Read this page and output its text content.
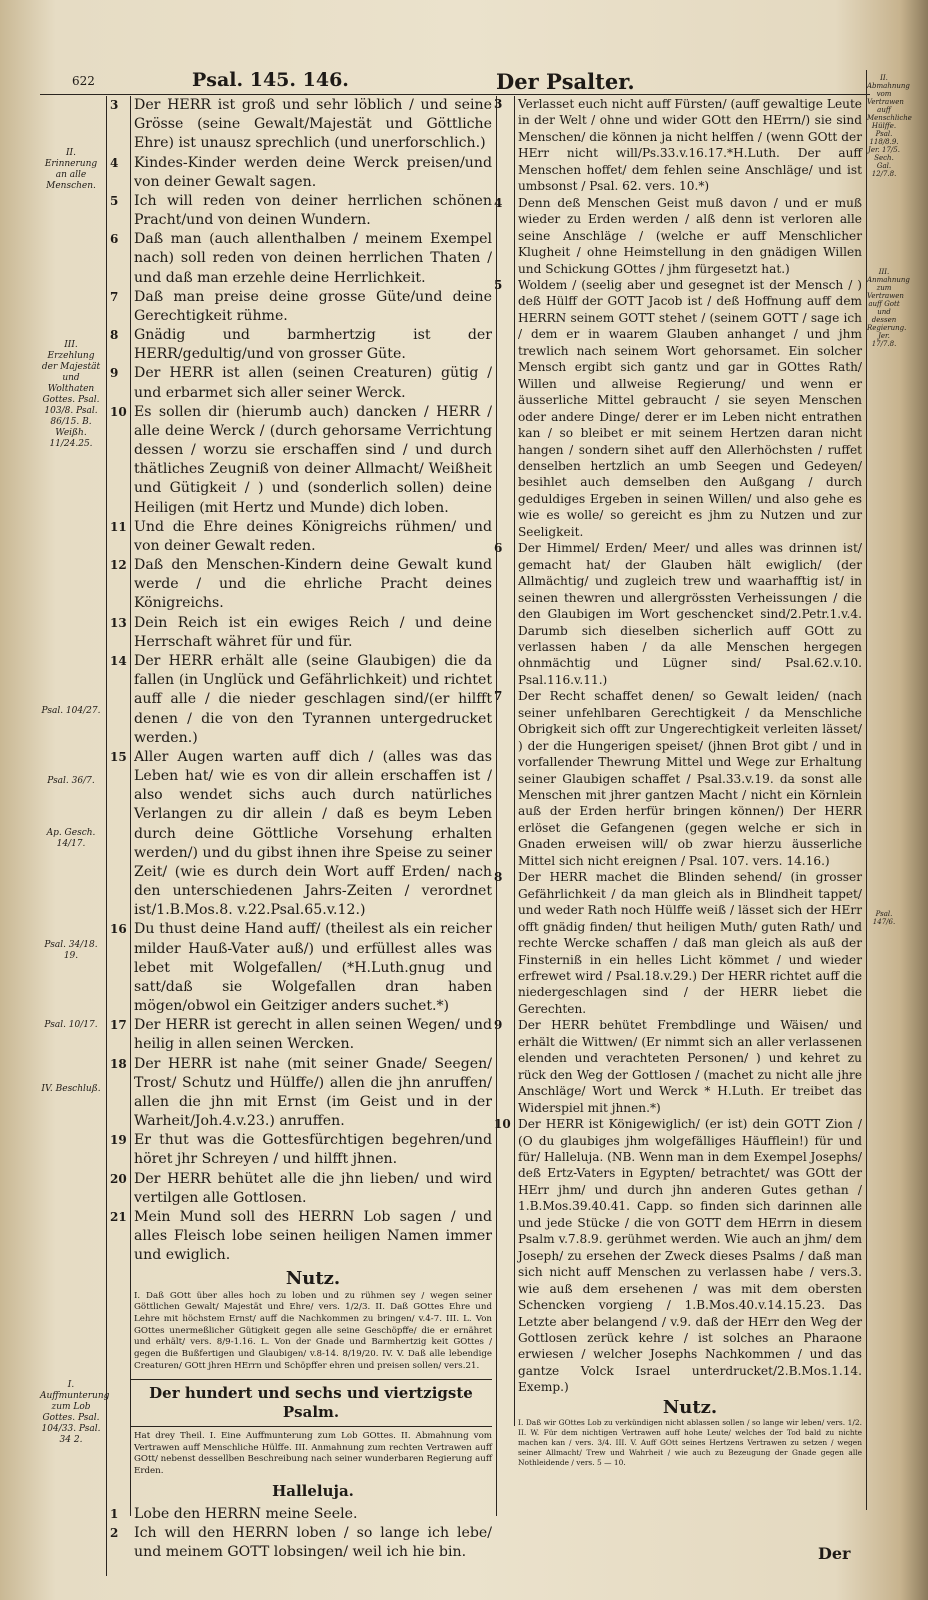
622	Psal. 145. 146.	Der Psalter.
II. Erinnerung an alle Menschen.
III. Erzehlung der Majestät und Wolthaten Gottes. Psal. 103/8. Psal. 86/15. B. Weißh. 11/24.25.
Psal. 104/27.
Psal. 36/7.
Ap. Gesch. 14/17.
Psal. 34/18. 19.
Psal. 10/17.
IV. Beschluß.
I. Auffmunterung zum Lob Gottes. Psal. 104/33. Psal. 34 2.
II. Abmahnung vom Vertrawen auff Menschliche Hülffe. Psal. 118/8.9. Jer. 17/5. Sech. Gal. 12/7.8.
III. Anmahnung zum Vertrawen auff Gott und dessen Regierung. Jer. 17/7.8.
Psal. 147/6.
3 Der HERR ist groß und sehr löblich / und seine Grösse (seine Gewalt/Majestät und Göttliche Ehre) ist unausz sprechlich (und unerforschlich.)
4 Kindes-Kinder werden deine Werck preisen/und von deiner Gewalt sagen.
5 Ich will reden von deiner herrlichen schönen Pracht/und von deinen Wundern.
6 Daß man (auch allenthalben / meinem Exempel nach) soll reden von deinen herrlichen Thaten / und daß man erzehle deine Herrlichkeit.
7 Daß man preise deine grosse Güte/und deine Gerechtigkeit rühme.
8 Gnädig und barmhertzig ist der HERR/gedultig/und von grosser Güte.
9 Der HERR ist allen (seinen Creaturen) gütig / und erbarmet sich aller seiner Werck.
10 Es sollen dir (hierumb auch) dancken / HERR / alle deine Werck / (durch gehorsame Verrichtung dessen / worzu sie erschaffen sind / und durch thätliches Zeugniß von deiner Allmacht/ Weißheit und Gütigkeit / ) und (sonderlich sollen) deine Heiligen (mit Hertz und Munde) dich loben.
11 Und die Ehre deines Königreichs rühmen/ und von deiner Gewalt reden.
12 Daß den Menschen-Kindern deine Gewalt kund werde / und die ehrliche Pracht deines Königreichs.
13 Dein Reich ist ein ewiges Reich / und deine Herrschaft währet für und für.
14 Der HERR erhält alle (seine Glaubigen) die da fallen (in Unglück und Gefährlichkeit) und richtet auff alle / die nieder geschlagen sind/(er hilfft denen / die von den Tyrannen untergedrucket werden.)
15 Aller Augen warten auff dich / (alles was das Leben hat/ wie es von dir allein erschaffen ist / also wendet sichs auch durch natürliches Verlangen zu dir allein / daß es beym Leben durch deine Göttliche Vorsehung erhalten werden/) und du gibst ihnen ihre Speise zu seiner Zeit/ (wie es durch dein Wort auff Erden/ nach den unterschiedenen Jahrs-Zeiten / verordnet ist/1.B.Mos.8. v.22.Psal.65.v.12.)
16 Du thust deine Hand auff/ (theilest als ein reicher milder Hauß-Vater auß/) und erfüllest alles was lebet mit Wolgefallen/ (*H.Luth.gnug und satt/daß sie Wolgefallen dran haben mögen/obwol ein Geitziger anders suchet.*)
17 Der HERR ist gerecht in allen seinen Wegen/ und heilig in allen seinen Wercken.
18 Der HERR ist nahe (mit seiner Gnade/ Seegen/ Trost/ Schutz und Hülffe/) allen die jhn anruffen/ allen die jhn mit Ernst (im Geist und in der Warheit/Joh.4.v.23.) anruffen.
19 Er thut was die Gottesfürchtigen begehren/und höret jhr Schreyen / und hilfft jhnen.
20 Der HERR behütet alle die jhn lieben/ und wird vertilgen alle Gottlosen.
21 Mein Mund soll des HERRN Lob sagen / und alles Fleisch lobe seinen heiligen Namen immer und ewiglich.
Nutz.
I. Daß GOtt über alles hoch zu loben und zu rühmen sey / wegen seiner Göttlichen Gewalt/ Majestät und Ehre/ vers. 1/2/3. II. Daß GOttes Ehre und Lehre mit höchstem Ernst/ auff die Nachkommen zu bringen/ v.4-7. III. L. Von GOttes unermeßlicher Gütigkeit gegen alle seine Geschöpffe/ die er ernähret und erhält/ vers. 8/9-1.16. L. Von der Gnade und Barmhertzig keit GOttes / gegen die Bußfertigen und Glaubigen/ v.8-14. 8/19/20. IV. V. Daß alle lebendige Creaturen/ GOtt jhren HErrn und Schöpffer ehren und preisen sollen/ vers.21.
Der hundert und sechs und viertzigste Psalm.
Hat drey Theil. I. Eine Auffmunterung zum Lob GOttes. II. Abmahnung vom Vertrawen auff Menschliche Hülffe. III. Anmahnung zum rechten Vertrawen auff GOtt/ nebenst dessellben Beschreibung nach seiner wunderbaren Regierung auff Erden.
Halleluja.
1 Lobe den HERRN meine Seele.
2 Ich will den HERRN loben / so lange ich lebe/ und meinem GOTT lobsingen/ weil ich hie bin.
3 Verlasset euch nicht auff Fürsten/ (auff gewaltige Leute in der Welt / ohne und wider GOtt den HErrn/) sie sind Menschen/ die können ja nicht helffen / (wenn GOtt der HErr nicht will/Ps.33.v.16.17.*H.Luth. Der auff Menschen hoffet/ dem fehlen seine Anschläge/ und ist umbsonst / Psal. 62. vers. 10.*)
4 Denn deß Menschen Geist muß davon / und er muß wieder zu Erden werden / alß denn ist verloren alle seine Anschläge / (welche er auff Menschlicher Klugheit / ohne Heimstellung in den gnädigen Willen und Schickung GOttes / jhm fürgesetzt hat.)
5 Woldem / (seelig aber und gesegnet ist der Mensch / ) deß Hülff der GOTT Jacob ist / deß Hoffnung auff dem HERRN seinem GOTT stehet / (seinem GOTT / sage ich / dem er in waarem Glauben anhanget / und jhm trewlich nach seinem Wort gehorsamet. Ein solcher Mensch ergibt sich gantz und gar in GOttes Rath/ Willen und allweise Regierung/ und wenn er äusserliche Mittel gebraucht / sie seyen Menschen oder andere Dinge/ derer er im Leben nicht entrathen kan / so bleibet er mit seinem Hertzen daran nicht hangen / sondern sihet auff den Allerhöchsten / ruffet denselben hertzlich an umb Seegen und Gedeyen/ besihlet auch demselben den Außgang / durch geduldiges Ergeben in seinen Willen/ und also gehe es wie es wolle/ so gereicht es jhm zu Nutzen und zur Seeligkeit.
6 Der Himmel/ Erden/ Meer/ und alles was drinnen ist/ gemacht hat/ der Glauben hält ewiglich/ (der Allmächtig/ und zugleich trew und waarhafftig ist/ in seinen thewren und allergrössten Verheissungen / die den Glaubigen im Wort geschencket sind/2.Petr.1.v.4. Darumb sich dieselben sicherlich auff GOtt zu verlassen haben / da alle Menschen hergegen ohnmächtig und Lügner sind/ Psal.62.v.10. Psal.116.v.11.)
7 Der Recht schaffet denen/ so Gewalt leiden/ (nach seiner unfehlbaren Gerechtigkeit / da Menschliche Obrigkeit sich offt zur Ungerechtigkeit verleiten lässet/ ) der die Hungerigen speiset/ (jhnen Brot gibt / und in vorfallender Thewrung Mittel und Wege zur Erhaltung seiner Glaubigen schaffet / Psal.33.v.19. da sonst alle Menschen mit jhrer gantzen Macht / nicht ein Körnlein auß der Erden herfür bringen können/) Der HERR erlöset die Gefangenen (gegen welche er sich in Gnaden erweisen will/ ob zwar hierzu äusserliche Mittel sich nicht ereignen / Psal. 107. vers. 14.16.)
8 Der HERR machet die Blinden sehend/ (in grosser Gefährlichkeit / da man gleich als in Blindheit tappet/ und weder Rath noch Hülffe weiß / lässet sich der HErr offt gnädig finden/ thut heiligen Muth/ guten Rath/ und rechte Wercke schaffen / daß man gleich als auß der Finsterniß in ein helles Licht kömmet / und wieder erfrewet wird / Psal.18.v.29.) Der HERR richtet auff die niedergeschlagen sind / der HERR liebet die Gerechten.
9 Der HERR behütet Frembdlinge und Wäisen/ und erhält die Wittwen/ (Er nimmt sich an aller verlassenen elenden und verachteten Personen/ ) und kehret zu rück den Weg der Gottlosen / (machet zu nicht alle jhre Anschläge/ Wort und Werck * H.Luth. Er treibet das Widerspiel mit jhnen.*)
10 Der HERR ist Königewiglich/ (er ist) dein GOTT Zion / (O du glaubiges jhm wolgefälliges Häufflein!) für und für/ Halleluja. (NB. Wenn man in dem Exempel Josephs/ deß Ertz-Vaters in Egypten/ betrachtet/ was GOtt der HErr jhm/ und durch jhn anderen Gutes gethan / 1.B.Mos.39.40.41. Capp. so finden sich darinnen alle und jede Stücke / die von GOTT dem HErrn in diesem Psalm v.7.8.9. gerühmet werden. Wie auch an jhm/ dem Joseph/ zu ersehen der Zweck dieses Psalms / daß man sich nicht auff Menschen zu verlassen habe / vers.3. wie auß dem ersehenen / was mit dem obersten Schencken vorgieng / 1.B.Mos.40.v.14.15.23. Das Letzte aber belangend / v.9. daß der HErr den Weg der Gottlosen zerück kehre / ist solches an Pharaone erwiesen / welcher Josephs Nachkommen / und das gantze Volck Israel unterdrucket/2.B.Mos.1.14. Exemp.)
Nutz.
I. Daß wir GOttes Lob zu verkündigen nicht ablassen sollen / so lange wir leben/ vers. 1/2. II. W. Für dem nichtigen Vertrawen auff hohe Leute/ welches der Tod bald zu nichte machen kan / vers. 3/4. III. V. Auff GOtt seines Hertzens Vertrawen zu setzen / wegen seiner Allmacht/ Trew und Wahrheit / wie auch zu Bezeugung der Gnade gegen alle Nothleidende / vers. 5 — 10.
Der
